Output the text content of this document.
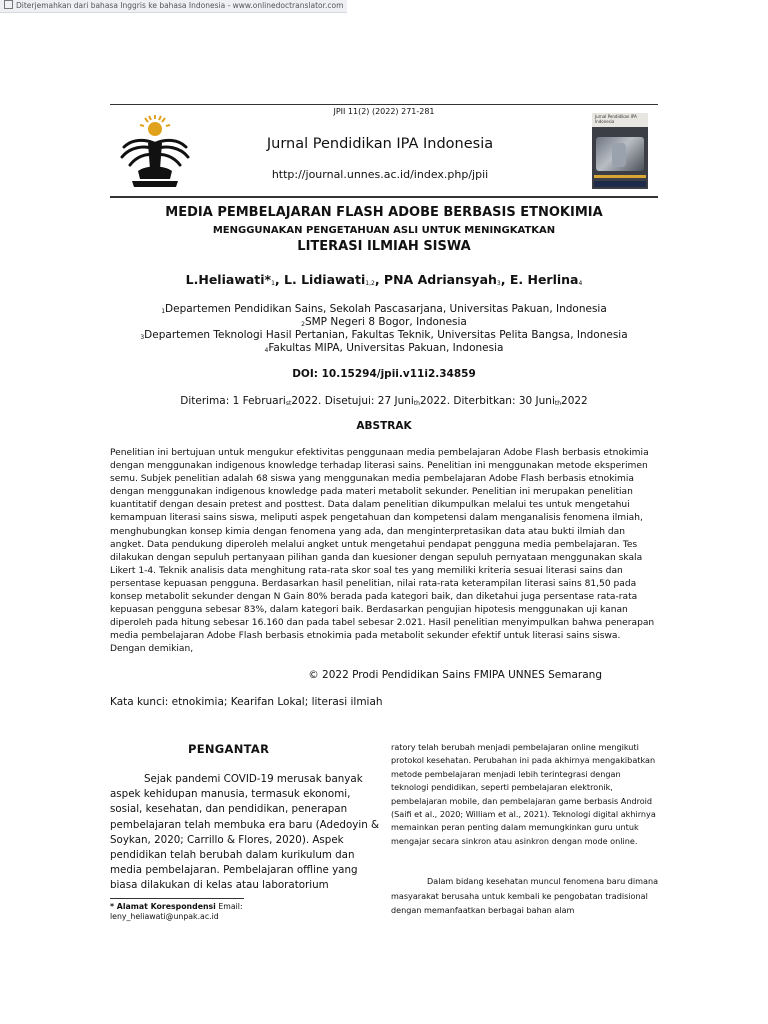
Diterjemahkan dari bahasa Inggris ke bahasa Indonesia - www.onlinedoctranslator.com
JPII 11(2) (2022) 271-281
Jurnal Pendidikan IPA Indonesia
Jurnal Pendidikan IPA Indonesia
http://journal.unnes.ac.id/index.php/jpii
MEDIA PEMBELAJARAN FLASH ADOBE BERBASIS ETNOKIMIA
MENGGUNAKAN PENGETAHUAN ASLI UNTUK MENINGKATKAN
LITERASI ILMIAH SISWA
$L.Heliawati*_1$, L. Lidiawati$_{1,2}$, PNA Adriansyah$_3$, E. Herlina$_4$
$_1$Departemen Pendidikan Sains, Sekolah Pascasarjana, Universitas Pakuan, Indonesia
$_2$SMP Negeri 8 Bogor, Indonesia
$_3$Departemen Teknologi Hasil Pertanian, Fakultas Teknik, Universitas Pelita Bangsa, Indonesia
$_4$Fakultas MIPA, Universitas Pakuan, Indonesia
DOI: 10.15294/jpii.v11i2.34859
Diterima: 1 Februari$_{st}$2022. Disetujui: 27 Juni$_{th}$2022. Diterbitkan: 30 Juni$_{th}$2022
ABSTRAK

Penelitian ini bertujuan untuk mengukur efektivitas penggunaan media pembelajaran Adobe Flash berbasis etnokimia dengan menggunakan indigenous knowledge terhadap literasi sains. Penelitian ini menggunakan metode eksperimen semu. Subjek penelitian adalah 68 siswa yang menggunakan media pembelajaran Adobe Flash berbasis etnokimia dengan menggunakan indigenous knowledge pada materi metabolit sekunder. Penelitian ini merupakan penelitian kuantitatif dengan desain pretest and posttest. Data dalam penelitian dikumpulkan melalui tes untuk mengetahui kemampuan literasi sains siswa, meliputi aspek pengetahuan dan kompetensi dalam menganalisis fenomena ilmiah, menghubungkan konsep kimia dengan fenomena yang ada, dan menginterpretasikan data atau bukti ilmiah dan angket. Data pendukung diperoleh melalui angket untuk mengetahui pendapat pengguna media pembelajaran. Tes dilakukan dengan sepuluh pertanyaan pilihan ganda dan kuesioner dengan sepuluh pernyataan menggunakan skala Likert 1-4. Teknik analisis data menghitung rata-rata skor soal tes yang memiliki kriteria sesuai literasi sains dan persentase kepuasan pengguna. Berdasarkan hasil penelitian, nilai rata-rata keterampilan literasi sains 81,50 pada konsep metabolit sekunder dengan N Gain 80% berada pada kategori baik, dan diketahui juga persentase rata-rata kepuasan pengguna sebesar 83%, dalam kategori baik. Berdasarkan pengujian hipotesis menggunakan uji kanan diperoleh pada hitung sebesar 16.160 dan pada tabel sebesar 2.021. Hasil penelitian menyimpulkan bahwa penerapan media pembelajaran Adobe Flash berbasis etnokimia pada metabolit sekunder efektif untuk literasi sains siswa. Dengan demikian,

© 2022 Prodi Pendidikan Sains FMIPA UNNES Semarang
Kata kunci: etnokimia; Kearifan Lokal; literasi ilmiah
PENGANTAR

Sejak pandemi COVID-19 merusak banyak aspek kehidupan manusia, termasuk ekonomi, sosial, kesehatan, dan pendidikan, penerapan pembelajaran telah membuka era baru (Adedoyin & Soykan, 2020; Carrillo & Flores, 2020). Aspek pendidikan telah berubah dalam kurikulum dan media pembelajaran. Pembelajaran offline yang biasa dilakukan di kelas atau laboratorium

* Alamat Korespondensi Email:
leny_heliawati@unpak.ac.id

ratory telah berubah menjadi pembelajaran online mengikuti protokol kesehatan. Perubahan ini pada akhirnya mengakibatkan metode pembelajaran menjadi lebih terintegrasi dengan teknologi pendidikan, seperti pembelajaran elektronik, pembelajaran mobile, dan pembelajaran game berbasis Android (Saifi et al., 2020; William et al., 2021). Teknologi digital akhirnya memainkan peran penting dalam memungkinkan guru untuk mengajar secara sinkron atau asinkron dengan mode online.

Dalam bidang kesehatan muncul fenomena baru dimana masyarakat berusaha untuk kembali ke pengobatan tradisional dengan memanfaatkan berbagai bahan alam
